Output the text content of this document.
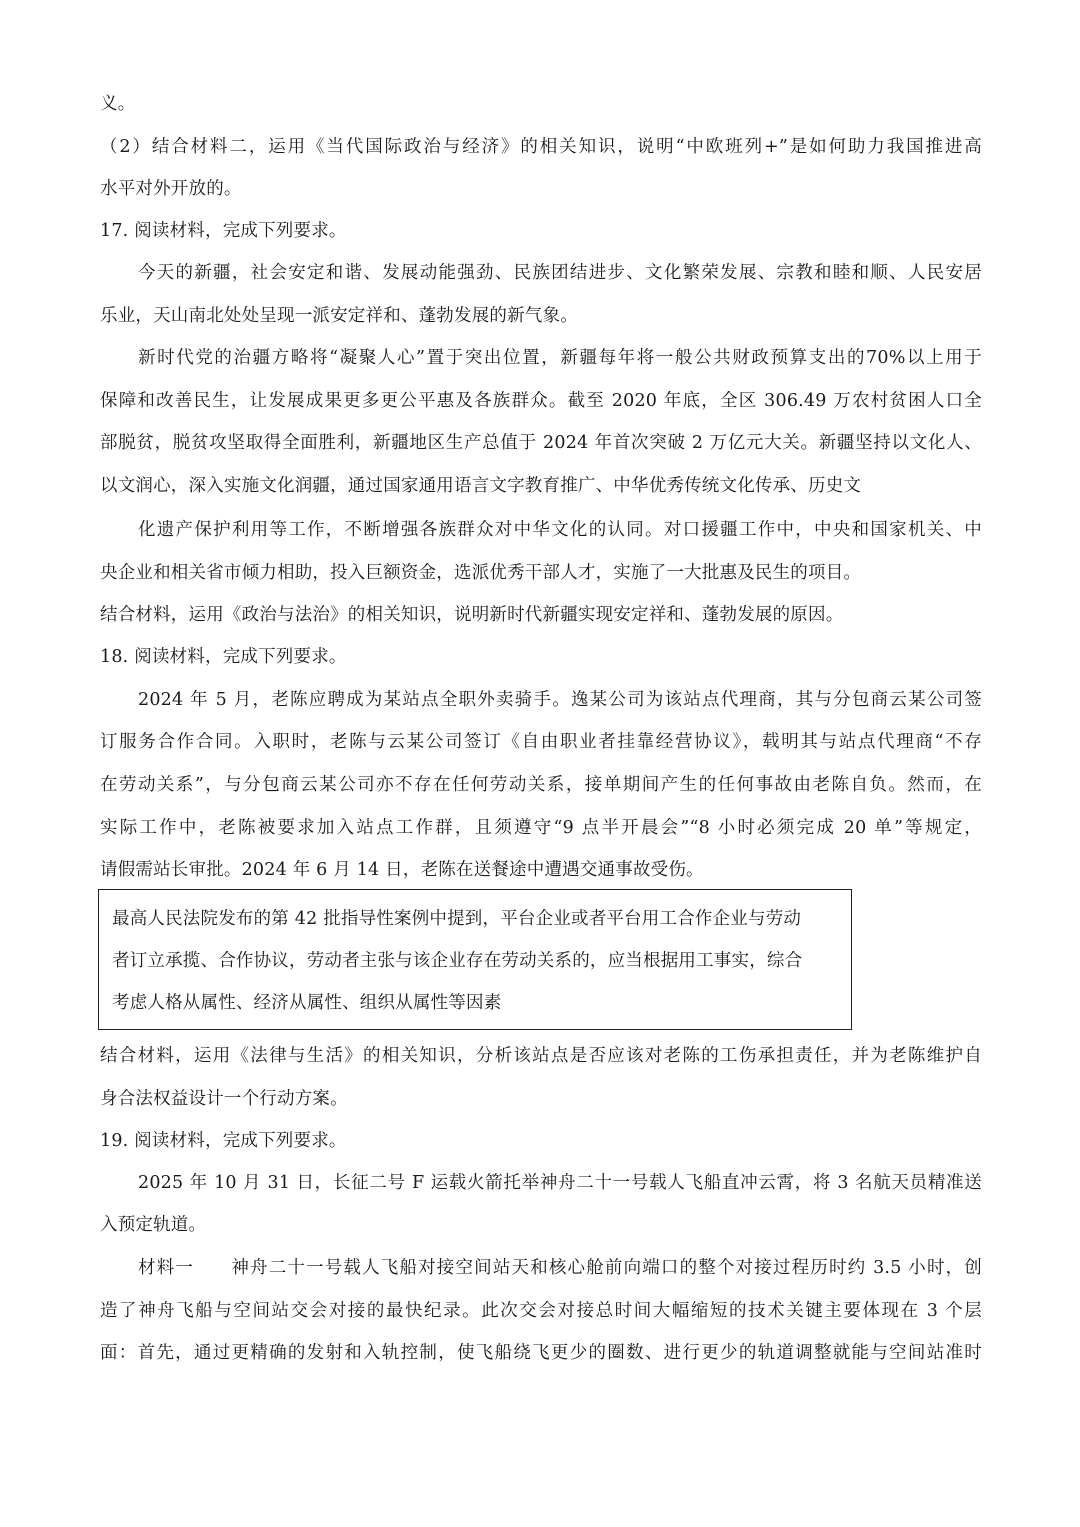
义。
（2）结合材料二，运用《当代国际政治与经济》的相关知识，说明“中欧班列+”是如何助力我国推进高
水平对外开放的。
17. 阅读材料，完成下列要求。
今天的新疆，社会安定和谐、发展动能强劲、民族团结进步、文化繁荣发展、宗教和睦和顺、人民安居
乐业，天山南北处处呈现一派安定祥和、蓬勃发展的新气象。
新时代党的治疆方略将“凝聚人心”置于突出位置，新疆每年将一般公共财政预算支出的70%以上用于
保障和改善民生，让发展成果更多更公平惠及各族群众。截至 2020 年底，全区 306.49 万农村贫困人口全
部脱贫，脱贫攻坚取得全面胜利，新疆地区生产总值于 2024 年首次突破 2 万亿元大关。新疆坚持以文化人、
以文润心，深入实施文化润疆，通过国家通用语言文字教育推广、中华优秀传统文化传承、历史文
化遗产保护利用等工作，不断增强各族群众对中华文化的认同。对口援疆工作中，中央和国家机关、中
央企业和相关省市倾力相助，投入巨额资金，选派优秀干部人才，实施了一大批惠及民生的项目。
结合材料，运用《政治与法治》的相关知识，说明新时代新疆实现安定祥和、蓬勃发展的原因。
18. 阅读材料，完成下列要求。
2024 年 5 月，老陈应聘成为某站点全职外卖骑手。逸某公司为该站点代理商，其与分包商云某公司签
订服务合作合同。入职时，老陈与云某公司签订《自由职业者挂靠经营协议》，载明其与站点代理商“不存
在劳动关系”，与分包商云某公司亦不存在任何劳动关系，接单期间产生的任何事故由老陈自负。然而，在
实际工作中，老陈被要求加入站点工作群，且须遵守“9 点半开晨会”“8 小时必须完成 20 单”等规定，
请假需站长审批。2024 年 6 月 14 日，老陈在送餐途中遭遇交通事故受伤。
最高人民法院发布的第 42 批指导性案例中提到，平台企业或者平台用工合作企业与劳动
者订立承揽、合作协议，劳动者主张与该企业存在劳动关系的，应当根据用工事实，综合
考虑人格从属性、经济从属性、组织从属性等因素
结合材料，运用《法律与生活》的相关知识，分析该站点是否应该对老陈的工伤承担责任，并为老陈维护自
身合法权益设计一个行动方案。
19. 阅读材料，完成下列要求。
2025 年 10 月 31 日，长征二号 F 运载火箭托举神舟二十一号载人飞船直冲云霄，将 3 名航天员精准送
入预定轨道。
材料一　　神舟二十一号载人飞船对接空间站天和核心舱前向端口的整个对接过程历时约 3.5 小时，创
造了神舟飞船与空间站交会对接的最快纪录。此次交会对接总时间大幅缩短的技术关键主要体现在 3 个层
面：首先，通过更精确的发射和入轨控制，使飞船绕飞更少的圈数、进行更少的轨道调整就能与空间站准时
